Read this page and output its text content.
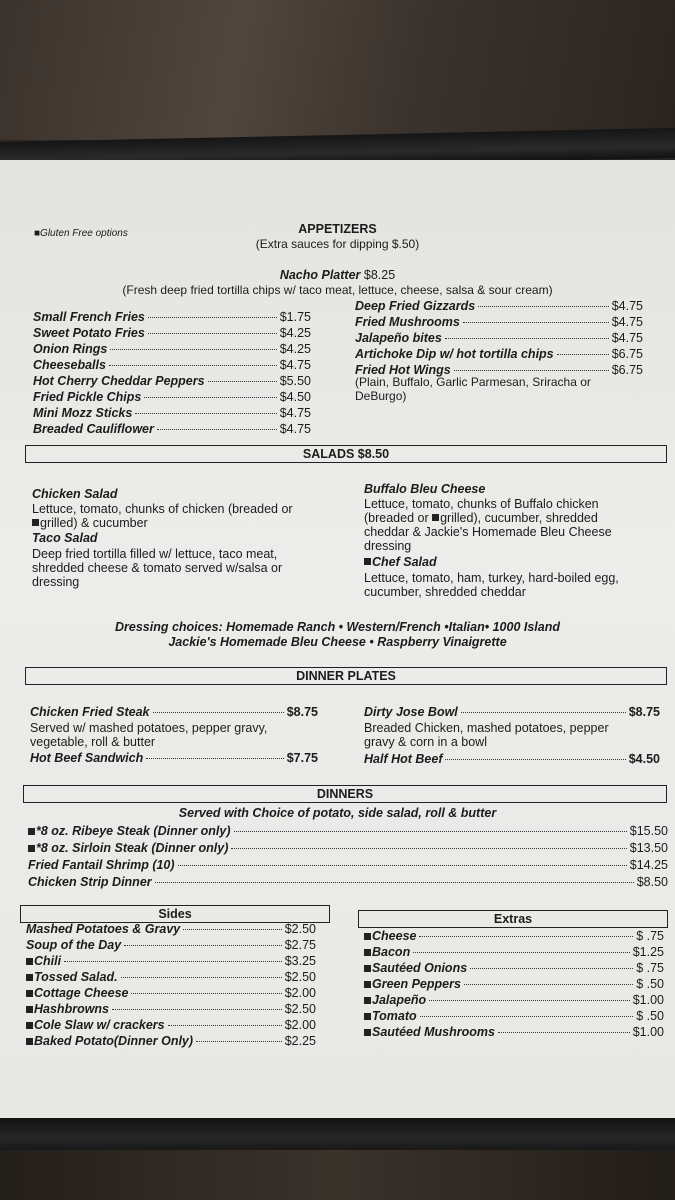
■Gluten Free options	APPETIZERS
(Extra sauces for dipping $.50)
Nacho Platter $8.25
(Fresh deep fried tortilla chips w/ taco meat, lettuce, cheese, salsa & sour cream)
Small French Fries	$1.75
Sweet Potato Fries	$4.25
Onion Rings	$4.25
Cheeseballs	$4.75
Hot Cherry Cheddar Peppers	$5.50
Fried Pickle Chips	$4.50
Mini Mozz Sticks	$4.75
Breaded Cauliflower	$4.75
Deep Fried Gizzards	$4.75
Fried Mushrooms	$4.75
Jalapeño bites	$4.75
Artichoke Dip w/ hot tortilla chips	$6.75
Fried Hot Wings	$6.75
(Plain, Buffalo, Garlic Parmesan, Sriracha or
DeBurgo)
SALADS $8.50
Chicken Salad
Lettuce, tomato, chunks of chicken (breaded or
grilled) & cucumber
Taco Salad
Deep fried tortilla filled w/ lettuce, taco meat,
shredded cheese & tomato served w/salsa or
dressing
Buffalo Bleu Cheese
Lettuce, tomato, chunks of Buffalo chicken
(breaded or grilled), cucumber, shredded
cheddar & Jackie's Homemade Bleu Cheese
dressing
Chef Salad
Lettuce, tomato, ham, turkey, hard-boiled egg,
cucumber, shredded cheddar
Dressing choices: Homemade Ranch • Western/French •Italian• 1000 Island
Jackie's Homemade Bleu Cheese • Raspberry Vinaigrette
DINNER PLATES
Chicken Fried Steak	$8.75
Served w/ mashed potatoes, pepper gravy,
vegetable, roll & butter
Hot Beef Sandwich	$7.75
Dirty Jose Bowl	$8.75
Breaded Chicken, mashed potatoes, pepper
gravy & corn in a bowl
Half Hot Beef	$4.50
DINNERS
Served with Choice of potato, side salad, roll & butter
*8 oz. Ribeye Steak (Dinner only)	$15.50
*8 oz. Sirloin Steak (Dinner only)	$13.50
Fried Fantail Shrimp (10)	$14.25
Chicken Strip Dinner	$8.50
Sides
Mashed Potatoes & Gravy	$2.50
Soup of the Day	$2.75
Chili	$3.25
Tossed Salad.	$2.50
Cottage Cheese	$2.00
Hashbrowns	$2.50
Cole Slaw w/ crackers	$2.00
Baked Potato(Dinner Only)	$2.25
Extras
Cheese	$ .75
Bacon	$1.25
Sautéed Onions	$ .75
Green Peppers	$ .50
Jalapeño	$1.00
Tomato	$ .50
Sautéed Mushrooms	$1.00
